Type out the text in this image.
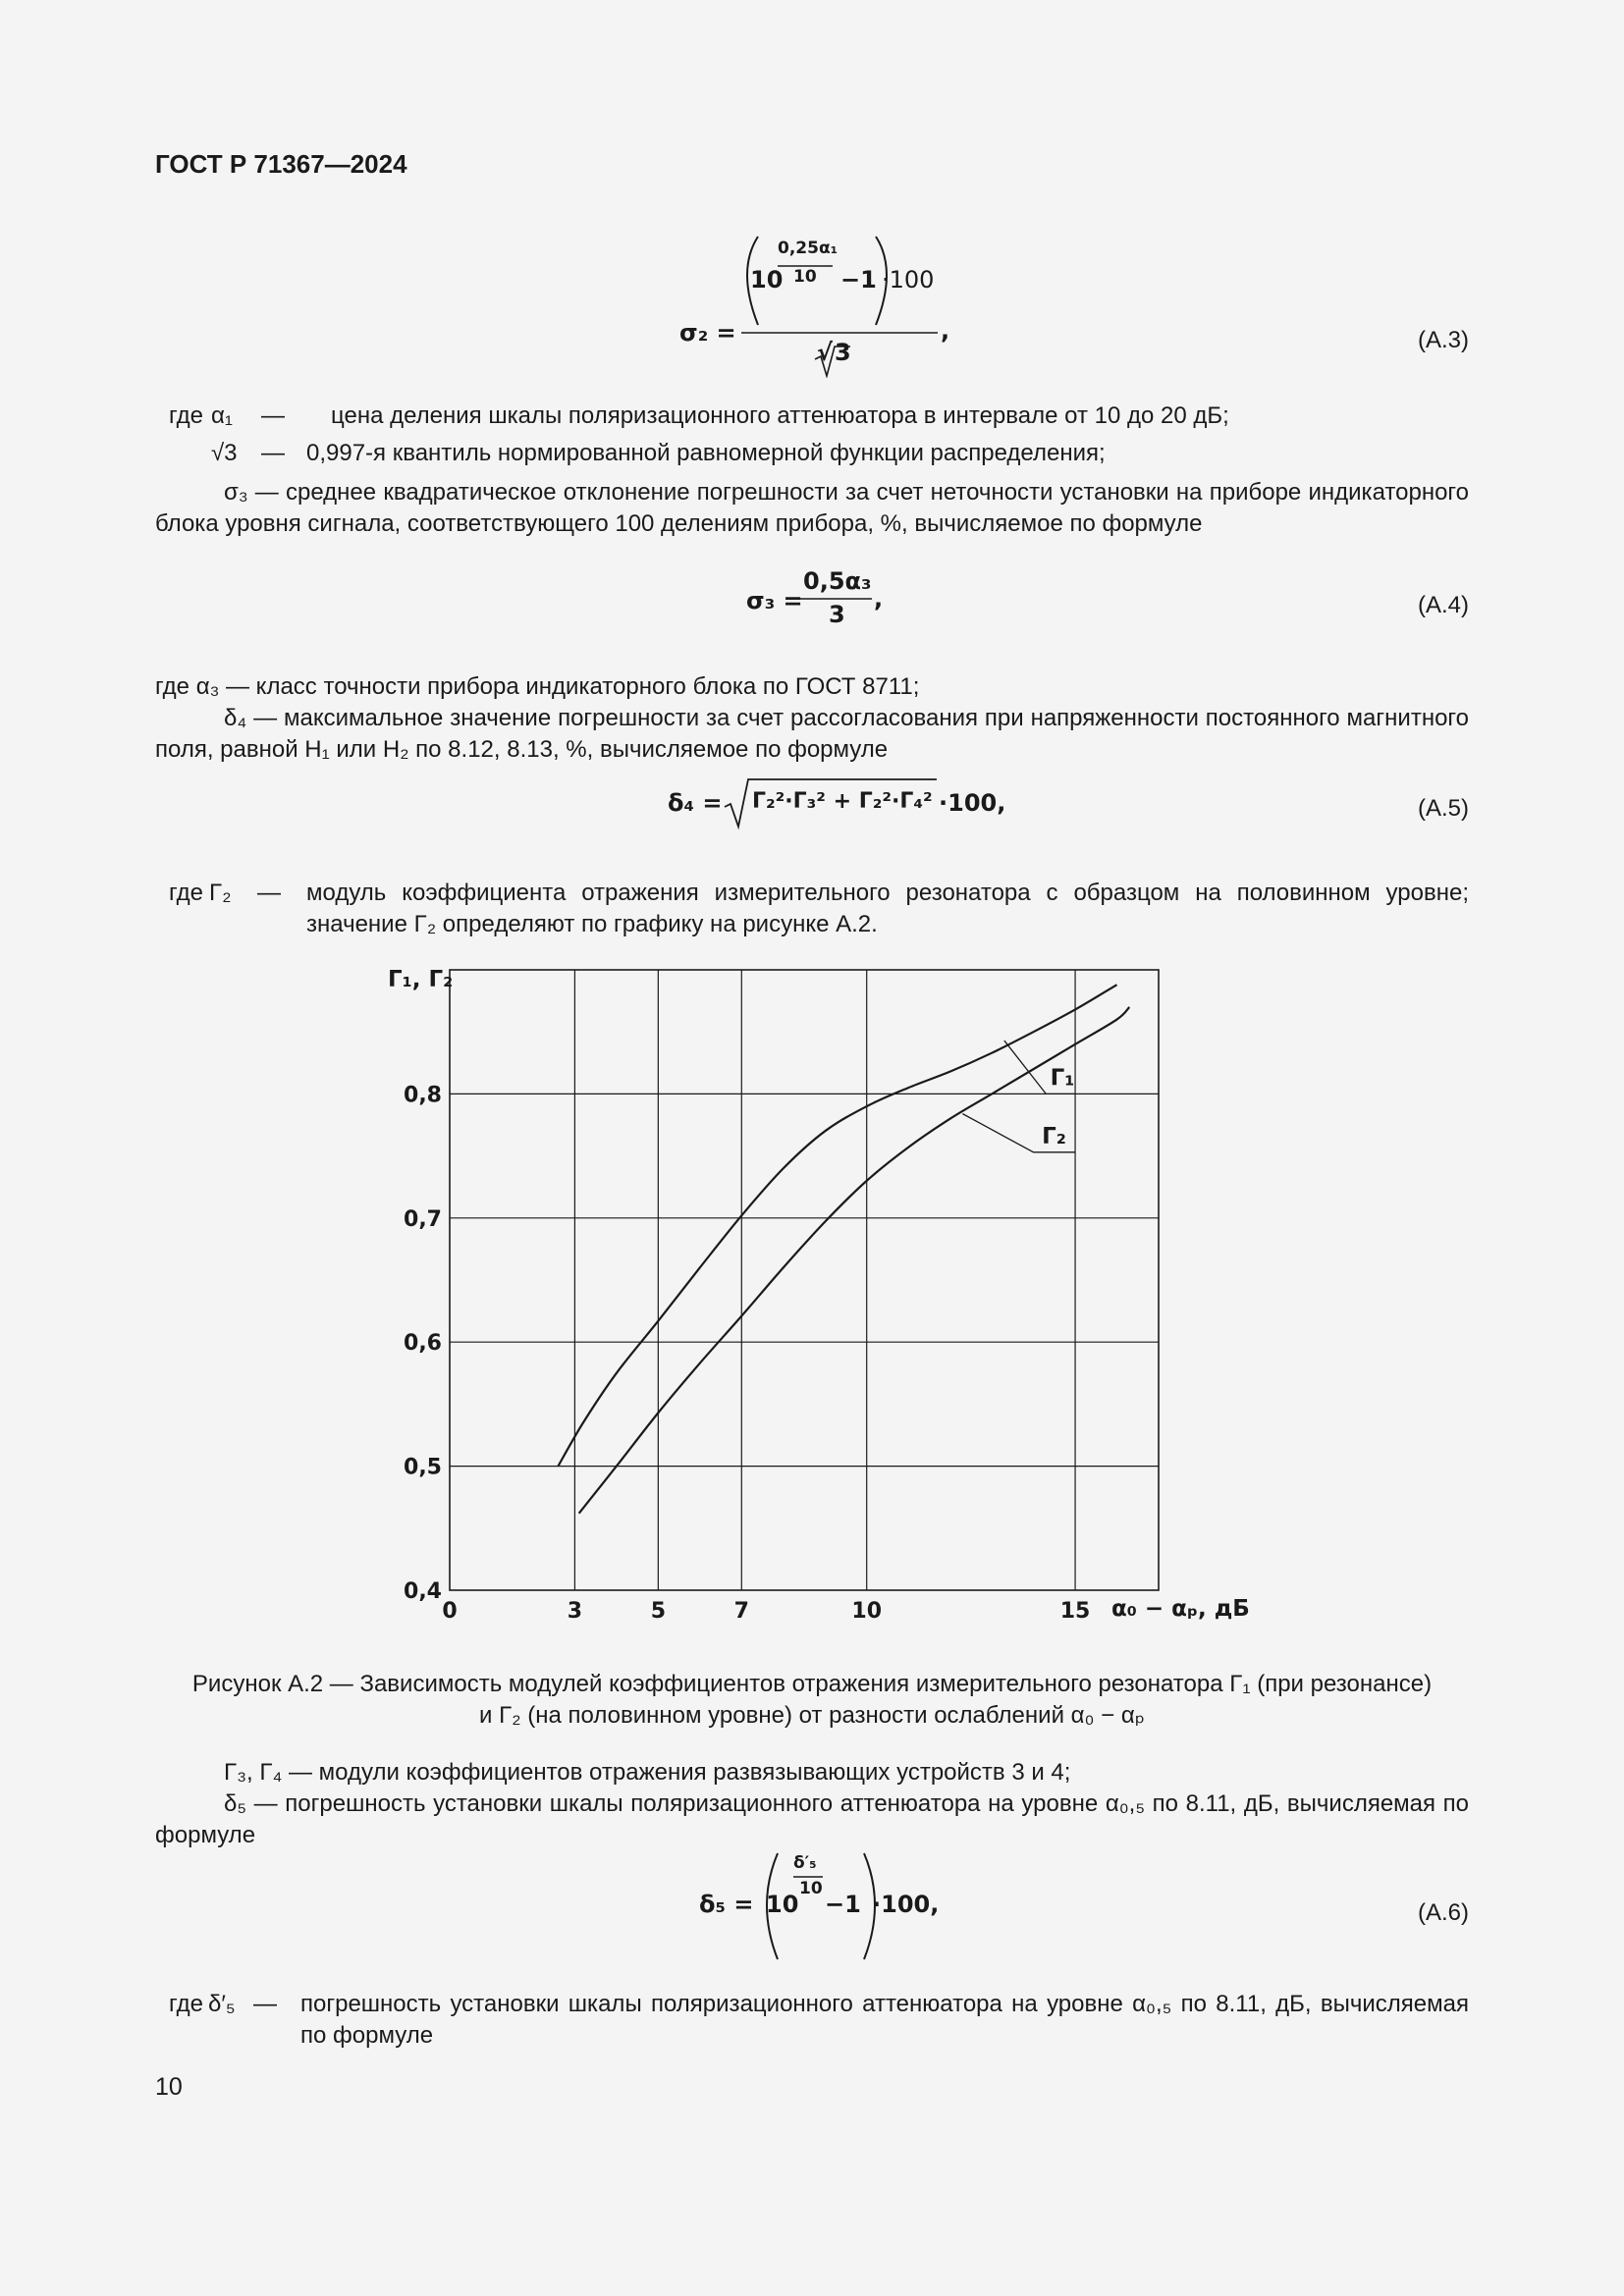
ГОСТ Р 71367—2024
σ₂ =
0,25α₁
10
10 −1 ·100
√3
,	(A.3)
где α₁ — цена деления шкалы поляризационного аттенюатора в интервале от 10 до 20 дБ;
√3 — 0,997-я квантиль нормированной равномерной функции распределения;
σ₃ — среднее квадратическое отклонение погрешности за счет неточности установки на приборе индикаторного блока уровня сигнала, соответствующего 100 делениям прибора, %, вычисляемое по формуле
σ₃ =
0,5α₃
3
,	(A.4)
где α₃ — класс точности прибора индикаторного блока по ГОСТ 8711;
δ₄ — максимальное значение погрешности за счет рассогласования при напряженности постоянного магнитного поля, равной H₁ или H₂ по 8.12, 8.13, %, вычисляемое по формуле
δ₄ = Γ₂²·Γ₃² + Γ₂²·Γ₄² ·100,	(A.5)
где Γ₂ — модуль коэффициента отражения измерительного резонатора с образцом на половинном уровне; значение Γ₂ определяют по графику на рисунке А.2.
0	3	5	7	10	15
0,4
0,5
0,6
0,7
0,8
Γ₁, Γ₂
α₀ − αₚ, дБ
Γ₁
Γ₂
Рисунок А.2 — Зависимость модулей коэффициентов отражения измерительного резонатора Γ₁ (при резонансе)
и Γ₂ (на половинном уровне) от разности ослаблений α₀ − αₚ
Γ₃, Γ₄ — модули коэффициентов отражения развязывающих устройств 3 и 4;
δ₅ — погрешность установки шкалы поляризационного аттенюатора на уровне α₀,₅ по 8.11, дБ, вычисляемая по формуле
δ₅ =
δ′₅
10
10 −1 ·100,	(A.6)
где δ′₅ — погрешность установки шкалы поляризационного аттенюатора на уровне α₀,₅ по 8.11, дБ, вычисляемая по формуле
10
